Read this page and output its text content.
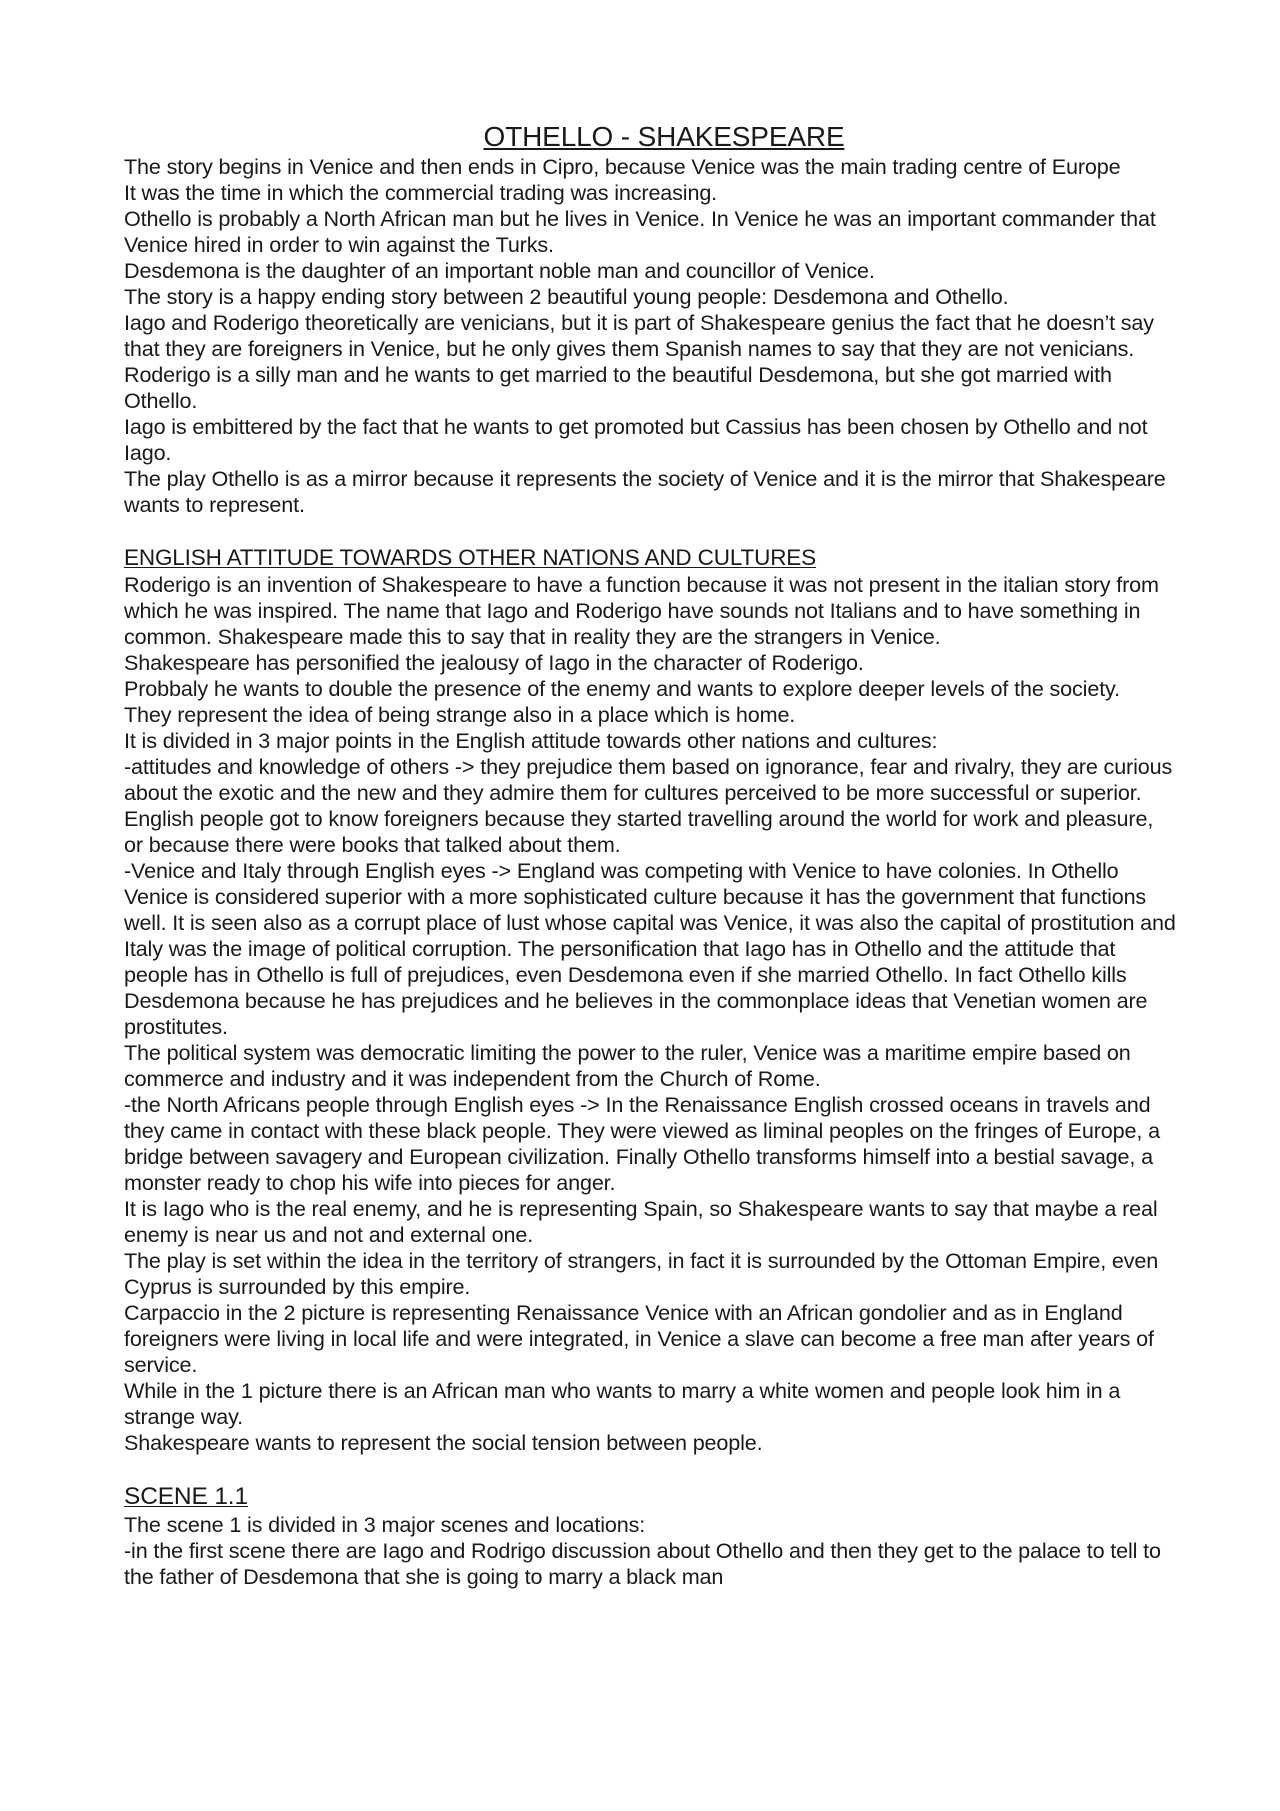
OTHELLO - SHAKESPEARE

The story begins in Venice and then ends in Cipro, because Venice was the main trading centre of Europe

It was the time in which the commercial trading was increasing.

Othello is probably a North African man but he lives in Venice. In Venice he was an important commander that Venice hired in order to win against the Turks.

Desdemona is the daughter of an important noble man and councillor of Venice.

The story is a happy ending story between 2 beautiful young people: Desdemona and Othello.

Iago and Roderigo theoretically are venicians, but it is part of Shakespeare genius the fact that he doesn’t say that they are foreigners in Venice, but he only gives them Spanish names to say that they are not venicians.

Roderigo is a silly man and he wants to get married to the beautiful Desdemona, but she got married with Othello.

Iago is embittered by the fact that he wants to get promoted but Cassius has been chosen by Othello and not Iago.

The play Othello is as a mirror because it represents the society of Venice and it is the mirror that Shakespeare wants to represent.

ENGLISH ATTITUDE TOWARDS OTHER NATIONS AND CULTURES

Roderigo is an invention of Shakespeare to have a function because it was not present in the italian story from which he was inspired. The name that Iago and Roderigo have sounds not Italians and to have something in common. Shakespeare made this to say that in reality they are the strangers in Venice.

Shakespeare has personified the jealousy of Iago in the character of Roderigo.

Probbaly he wants to double the presence of the enemy and wants to explore deeper levels of the society.

They represent the idea of being strange also in a place which is home.

It is divided in 3 major points in the English attitude towards other nations and cultures:

-attitudes and knowledge of others -> they prejudice them based on ignorance, fear and rivalry, they are curious about the exotic and the new and they admire them for cultures perceived to be more successful or superior. English people got to know foreigners because they started travelling around the world for work and pleasure, or because there were books that talked about them.

-Venice and Italy through English eyes -> England was competing with Venice to have colonies. In Othello Venice is considered superior with a more sophisticated culture because it has the government that functions well. It is seen also as a corrupt place of lust whose capital was Venice, it was also the capital of prostitution and Italy was the image of political corruption. The personification that Iago has in Othello and the attitude that people has in Othello is full of prejudices, even Desdemona even if she married Othello. In fact Othello kills Desdemona because he has prejudices and he believes in the commonplace ideas that Venetian women are prostitutes.

The political system was democratic limiting the power to the ruler, Venice was a maritime empire based on commerce and industry and it was independent from the Church of Rome.

-the North Africans people through English eyes -> In the Renaissance English crossed oceans in travels and they came in contact with these black people. They were viewed as liminal peoples on the fringes of Europe, a bridge between savagery and European civilization. Finally Othello transforms himself into a bestial savage, a monster ready to chop his wife into pieces for anger.

It is Iago who is the real enemy, and he is representing Spain, so Shakespeare wants to say that maybe a real enemy is near us and not and external one.

The play is set within the idea in the territory of strangers, in fact it is surrounded by the Ottoman Empire, even Cyprus is surrounded by this empire.

Carpaccio in the 2 picture is representing Renaissance Venice with an African gondolier and as in England foreigners were living in local life and were integrated, in Venice a slave can become a free man after years of service.

While in the 1 picture there is an African man who wants to marry a white women and people look him in a strange way.

Shakespeare wants to represent the social tension between people.

SCENE 1.1

The scene 1 is divided in 3 major scenes and locations:

-in the first scene there are Iago and Rodrigo discussion about Othello and then they get to the palace to tell to the father of Desdemona that she is going to marry a black man
